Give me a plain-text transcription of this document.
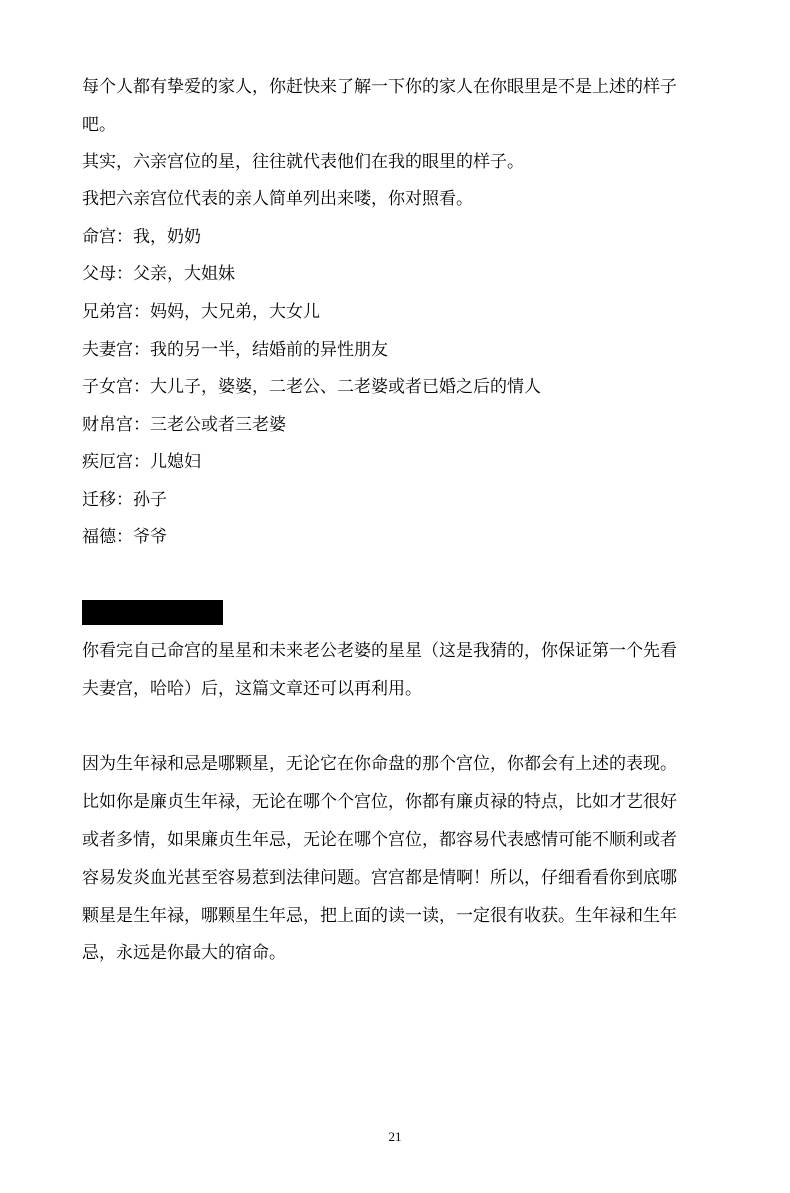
每个人都有挚爱的家人，你赶快来了解一下你的家人在你眼里是不是上述的样子
吧。
其实，六亲宫位的星，往往就代表他们在我的眼里的样子。
我把六亲宫位代表的亲人简单列出来喽，你对照看。
命宫：我，奶奶
父母：父亲，大姐妹
兄弟宫：妈妈，大兄弟，大女儿
夫妻宫：我的另一半，结婚前的异性朋友
子女宫：大儿子，婆婆，二老公、二老婆或者已婚之后的情人
财帛宫：三老公或者三老婆
疾厄宫：儿媳妇
迁移：孙子
福德：爷爷
你看完自己命宫的星星和未来老公老婆的星星（这是我猜的，你保证第一个先看
夫妻宫，哈哈）后，这篇文章还可以再利用。
因为生年禄和忌是哪颗星，无论它在你命盘的那个宫位，你都会有上述的表现。
比如你是廉贞生年禄，无论在哪个个宫位，你都有廉贞禄的特点，比如才艺很好
或者多情，如果廉贞生年忌，无论在哪个宫位，都容易代表感情可能不顺利或者
容易发炎血光甚至容易惹到法律问题。宫宫都是情啊！所以，仔细看看你到底哪
颗星是生年禄，哪颗星生年忌，把上面的读一读，一定很有收获。生年禄和生年
忌，永远是你最大的宿命。
21
